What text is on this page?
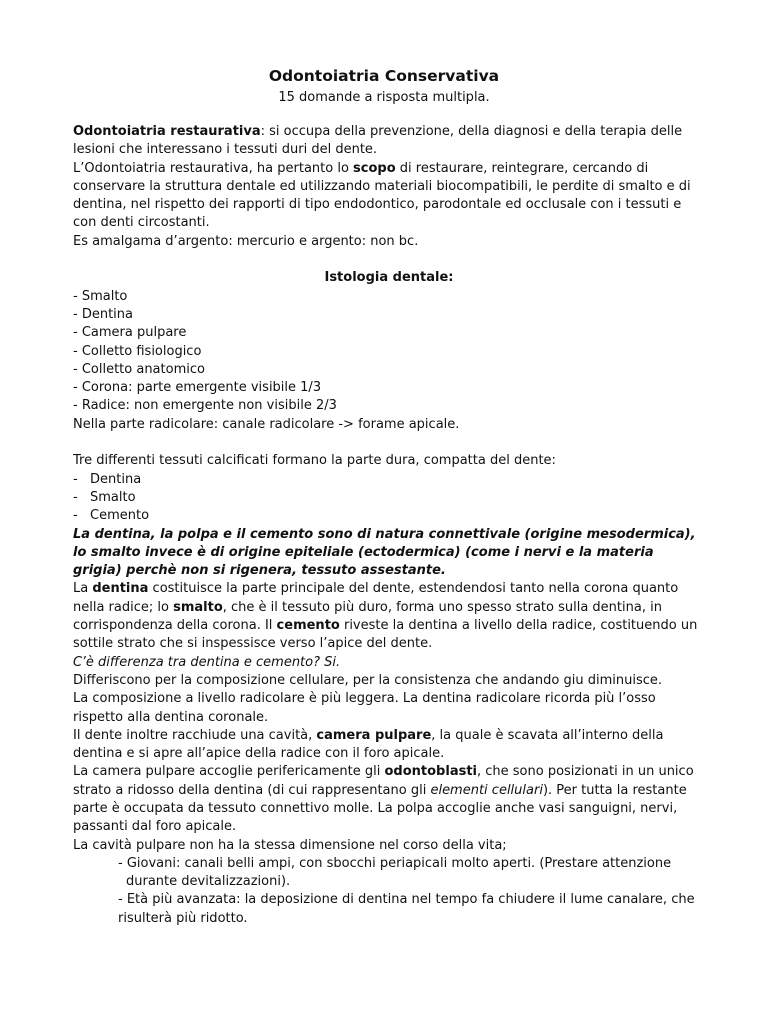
Odontoiatria Conservativa
15 domande a risposta multipla.

Odontoiatria restaurativa: si occupa della prevenzione, della diagnosi e della terapia delle lesioni che interessano i tessuti duri del dente.

L’Odontoiatria restaurativa, ha pertanto lo scopo di restaurare, reintegrare, cercando di conservare la struttura dentale ed utilizzando materiali biocompatibili, le perdite di smalto e di dentina, nel rispetto dei rapporti di tipo endodontico, parodontale ed occlusale con i tessuti e con denti circostanti.

Es amalgama d’argento: mercurio e argento: non bc.

Istologia dentale:

- Smalto

- Dentina

- Camera pulpare

- Colletto fisiologico

- Colletto anatomico

- Corona: parte emergente visibile 1/3

- Radice: non emergente non visibile 2/3

Nella parte radicolare: canale radicolare -> forame apicale.

Tre differenti tessuti calcificati formano la parte dura, compatta del dente:

- Dentina

- Smalto

- Cemento

La dentina, la polpa e il cemento sono di natura connettivale (origine mesodermica), lo smalto invece è di origine epiteliale (ectodermica) (come i nervi e la materia grigia) perchè non si rigenera, tessuto assestante.

La dentina costituisce la parte principale del dente, estendendosi tanto nella corona quanto nella radice; lo smalto, che è il tessuto più duro, forma uno spesso strato sulla dentina, in corrispondenza della corona. Il cemento riveste la dentina a livello della radice, costituendo un sottile strato che si inspessisce verso l’apice del dente.

C’è differenza tra dentina e cemento? Si.

Differiscono per la composizione cellulare, per la consistenza che andando giu diminuisce.

La composizione a livello radicolare è più leggera. La dentina radicolare ricorda più l’osso rispetto alla dentina coronale.

Il dente inoltre racchiude una cavità, camera pulpare, la quale è scavata all’interno della dentina e si apre all’apice della radice con il foro apicale.

La camera pulpare accoglie perifericamente gli odontoblasti, che sono posizionati in un unico strato a ridosso della dentina (di cui rappresentano gli elementi cellulari). Per tutta la restante parte è occupata da tessuto connettivo molle. La polpa accoglie anche vasi sanguigni, nervi, passanti dal foro apicale.

La cavità pulpare non ha la stessa dimensione nel corso della vita;

- Giovani: canali belli ampi, con sbocchi periapicali molto aperti. (Prestare attenzione

durante devitalizzazioni).

- Età più avanzata: la deposizione di dentina nel tempo fa chiudere il lume canalare, che

risulterà più ridotto.
